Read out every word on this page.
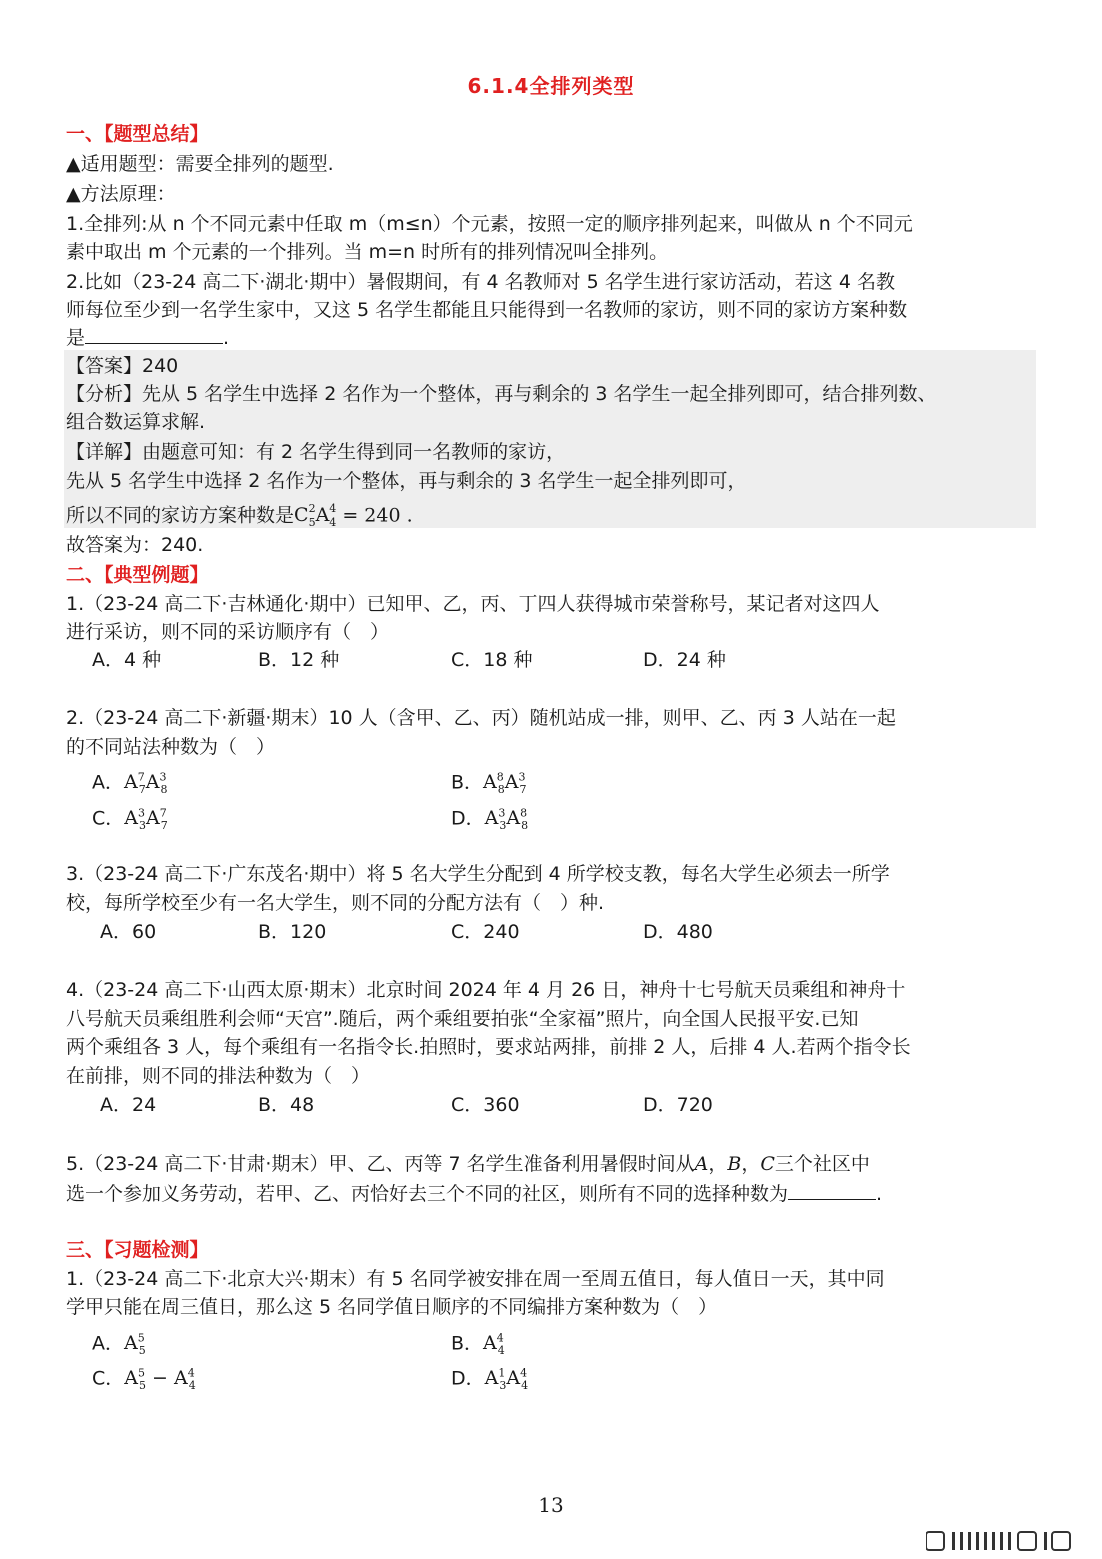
6.1.4全排列类型
一、【题型总结】
▲适用题型：需要全排列的题型.
▲方法原理：
1.全排列:从 n 个不同元素中任取 m（m≤n）个元素，按照一定的顺序排列起来，叫做从 n 个不同元
素中取出 m 个元素的一个排列。当 m=n 时所有的排列情况叫全排列。
2.比如（23-24 高二下·湖北·期中）暑假期间，有 4 名教师对 5 名学生进行家访活动，若这 4 名教
师每位至少到一名学生家中，又这 5 名学生都能且只能得到一名教师的家访，则不同的家访方案种数
是	.
【答案】240
【分析】先从 5 名学生中选择 2 名作为一个整体，再与剩余的 3 名学生一起全排列即可，结合排列数、
组合数运算求解.
【详解】由题意可知：有 2 名学生得到同一名教师的家访，
先从 5 名学生中选择 2 名作为一个整体，再与剩余的 3 名学生一起全排列即可，
所以不同的家访方案种数是$C^2_5A^4_4 = 240$ .
故答案为：240.
二、【典型例题】
1.（23-24 高二下·吉林通化·期中）已知甲、乙，丙、丁四人获得城市荣誉称号，某记者对这四人
进行采访，则不同的采访顺序有（　）
A．4 种	B．12 种	C．18 种	D．24 种
2.（23-24 高二下·新疆·期末）10 人（含甲、乙、丙）随机站成一排，则甲、乙、丙 3 人站在一起
的不同站法种数为（　）
A．$A^7_7A^3_8$	B．$A^8_8A^3_7$
C．$A^3_3A^7_7$	D．$A^3_3A^8_8$
3.（23-24 高二下·广东茂名·期中）将 5 名大学生分配到 4 所学校支教，每名大学生必须去一所学
校，每所学校至少有一名大学生，则不同的分配方法有（　）种.
A．60	B．120	C．240	D．480
4.（23-24 高二下·山西太原·期末）北京时间 2024 年 4 月 26 日，神舟十七号航天员乘组和神舟十
八号航天员乘组胜利会师“天宫”.随后，两个乘组要拍张“全家福”照片，向全国人民报平安.已知
两个乘组各 3 人，每个乘组有一名指令长.拍照时，要求站两排，前排 2 人，后排 4 人.若两个指令长
在前排，则不同的排法种数为（　）
A．24	B．48	C．360	D．720
5.（23-24 高二下·甘肃·期末）甲、乙、丙等 7 名学生准备利用暑假时间从A，B，C三个社区中
选一个参加义务劳动，若甲、乙、丙恰好去三个不同的社区，则所有不同的选择种数为	.
三、【习题检测】
1.（23-24 高二下·北京大兴·期末）有 5 名同学被安排在周一至周五值日，每人值日一天，其中同
学甲只能在周三值日，那么这 5 名同学值日顺序的不同编排方案种数为（　）
A．$A^5_5$	B．$A^4_4$
C．$A^5_5 - A^4_4$	D．$A^1_3A^4_4$
13
